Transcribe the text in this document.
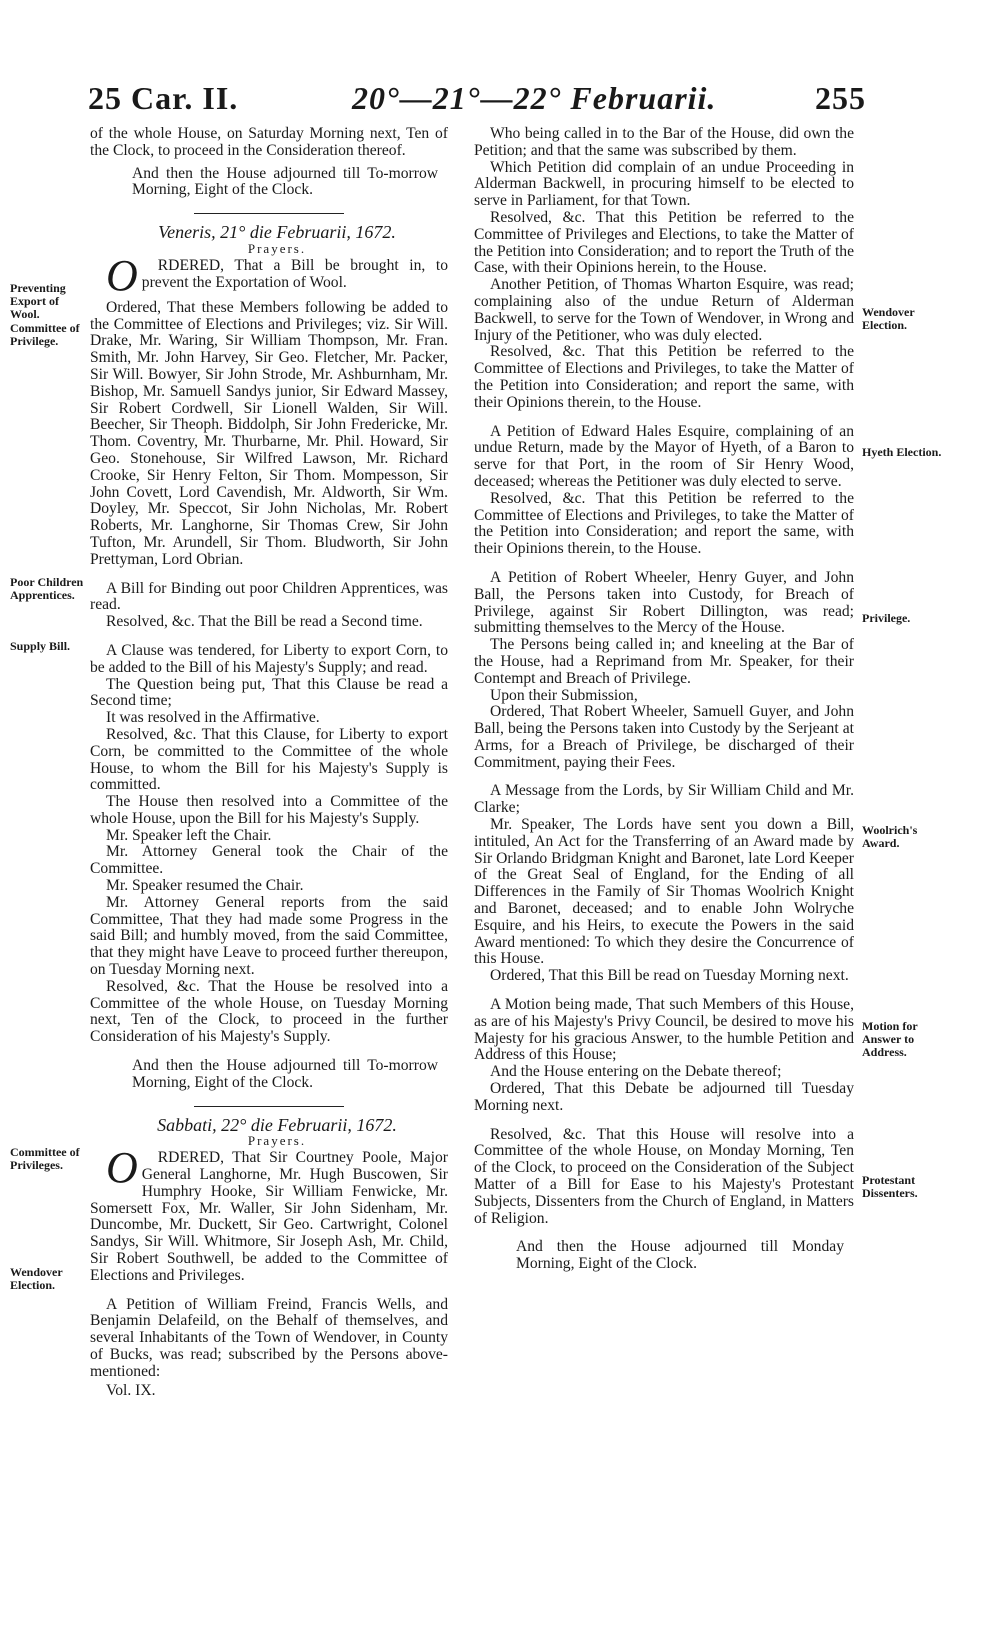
25 Car. II.	20°—21°—22° Februarii.	255

of the whole House, on Saturday Morning next, Ten of the Clock, to proceed in the Consideration thereof.

And then the House adjourned till To-morrow Morning, Eight of the Clock.

Veneris, 21° die Februarii, 1672.

Prayers.

O RDERED, That a Bill be brought in, to prevent the Exportation of Wool.

Ordered, That these Members following be added to the Committee of Elections and Privileges; viz. Sir Will. Drake, Mr. Waring, Sir William Thompson, Mr. Fran. Smith, Mr. John Harvey, Sir Geo. Fletcher, Mr. Packer, Sir Will. Bowyer, Sir John Strode, Mr. Ashburnham, Mr. Bishop, Mr. Samuell Sandys junior, Sir Edward Massey, Sir Robert Cordwell, Sir Lionell Walden, Sir Will. Beecher, Sir Theoph. Biddolph, Sir John Fredericke, Mr. Thom. Coventry, Mr. Thurbarne, Mr. Phil. Howard, Sir Geo. Stonehouse, Sir Wilfred Lawson, Mr. Richard Crooke, Sir Henry Felton, Sir Thom. Mompesson, Sir John Covett, Lord Cavendish, Mr. Aldworth, Sir Wm. Doyley, Mr. Speccot, Sir John Nicholas, Mr. Robert Roberts, Mr. Langhorne, Sir Thomas Crew, Sir John Tufton, Mr. Arundell, Sir Thom. Bludworth, Sir John Prettyman, Lord Obrian.

A Bill for Binding out poor Children Apprentices, was read.

Resolved, &c. That the Bill be read a Second time.

A Clause was tendered, for Liberty to export Corn, to be added to the Bill of his Majesty's Supply; and read.

The Question being put, That this Clause be read a Second time;

It was resolved in the Affirmative.

Resolved, &c. That this Clause, for Liberty to export Corn, be committed to the Committee of the whole House, to whom the Bill for his Majesty's Supply is committed.

The House then resolved into a Committee of the whole House, upon the Bill for his Majesty's Supply.

Mr. Speaker left the Chair.

Mr. Attorney General took the Chair of the Committee.

Mr. Speaker resumed the Chair.

Mr. Attorney General reports from the said Committee, That they had made some Progress in the said Bill; and humbly moved, from the said Committee, that they might have Leave to proceed further thereupon, on Tuesday Morning next.

Resolved, &c. That the House be resolved into a Committee of the whole House, on Tuesday Morning next, Ten of the Clock, to proceed in the further Consideration of his Majesty's Supply.

And then the House adjourned till To-morrow Morning, Eight of the Clock.

Sabbati, 22° die Februarii, 1672.

Prayers.

O RDERED, That Sir Courtney Poole, Major General Langhorne, Mr. Hugh Buscowen, Sir Humphry Hooke, Sir William Fenwicke, Mr. Somersett Fox, Mr. Waller, Sir John Sidenham, Mr. Duncombe, Mr. Duckett, Sir Geo. Cartwright, Colonel Sandys, Sir Will. Whitmore, Sir Joseph Ash, Mr. Child, Sir Robert Southwell, be added to the Committee of Elections and Privileges.

A Petition of William Freind, Francis Wells, and Benjamin Delafeild, on the Behalf of themselves, and several Inhabitants of the Town of Wendover, in County of Bucks, was read; subscribed by the Persons above-mentioned:

Vol. IX.

Who being called in to the Bar of the House, did own the Petition; and that the same was subscribed by them.

Which Petition did complain of an undue Proceeding in Alderman Backwell, in procuring himself to be elected to serve in Parliament, for that Town.

Resolved, &c. That this Petition be referred to the Committee of Privileges and Elections, to take the Matter of the Petition into Consideration; and to report the Truth of the Case, with their Opinions herein, to the House.

Another Petition, of Thomas Wharton Esquire, was read; complaining also of the undue Return of Alderman Backwell, to serve for the Town of Wendover, in Wrong and Injury of the Petitioner, who was duly elected.

Resolved, &c. That this Petition be referred to the Committee of Elections and Privileges, to take the Matter of the Petition into Consideration; and report the same, with their Opinions therein, to the House.

A Petition of Edward Hales Esquire, complaining of an undue Return, made by the Mayor of Hyeth, of a Baron to serve for that Port, in the room of Sir Henry Wood, deceased; whereas the Petitioner was duly elected to serve.

Resolved, &c. That this Petition be referred to the Committee of Elections and Privileges, to take the Matter of the Petition into Consideration; and report the same, with their Opinions therein, to the House.

A Petition of Robert Wheeler, Henry Guyer, and John Ball, the Persons taken into Custody, for Breach of Privilege, against Sir Robert Dillington, was read; submitting themselves to the Mercy of the House.

The Persons being called in; and kneeling at the Bar of the House, had a Reprimand from Mr. Speaker, for their Contempt and Breach of Privilege.

Upon their Submission,

Ordered, That Robert Wheeler, Samuell Guyer, and John Ball, being the Persons taken into Custody by the Serjeant at Arms, for a Breach of Privilege, be discharged of their Commitment, paying their Fees.

A Message from the Lords, by Sir William Child and Mr. Clarke;

Mr. Speaker, The Lords have sent you down a Bill, intituled, An Act for the Transferring of an Award made by Sir Orlando Bridgman Knight and Baronet, late Lord Keeper of the Great Seal of England, for the Ending of all Differences in the Family of Sir Thomas Woolrich Knight and Baronet, deceased; and to enable John Wolryche Esquire, and his Heirs, to execute the Powers in the said Award mentioned: To which they desire the Concurrence of this House.

Ordered, That this Bill be read on Tuesday Morning next.

A Motion being made, That such Members of this House, as are of his Majesty's Privy Council, be desired to move his Majesty for his gracious Answer, to the humble Petition and Address of this House;

And the House entering on the Debate thereof;

Ordered, That this Debate be adjourned till Tuesday Morning next.

Resolved, &c. That this House will resolve into a Committee of the whole House, on Monday Morning, Ten of the Clock, to proceed on the Consideration of the Subject Matter of a Bill for Ease to his Majesty's Protestant Subjects, Dissenters from the Church of England, in Matters of Religion.

And then the House adjourned till Monday Morning, Eight of the Clock.

Preventing Export of Wool.
Committee of Privilege.
Poor Children Apprentices.
Supply Bill.
Committee of Privileges.
Wendover Election.
Wendover Election.
Hyeth Election.
Privilege.
Woolrich's Award.
Motion for Answer to Address.
Protestant Dissenters.
